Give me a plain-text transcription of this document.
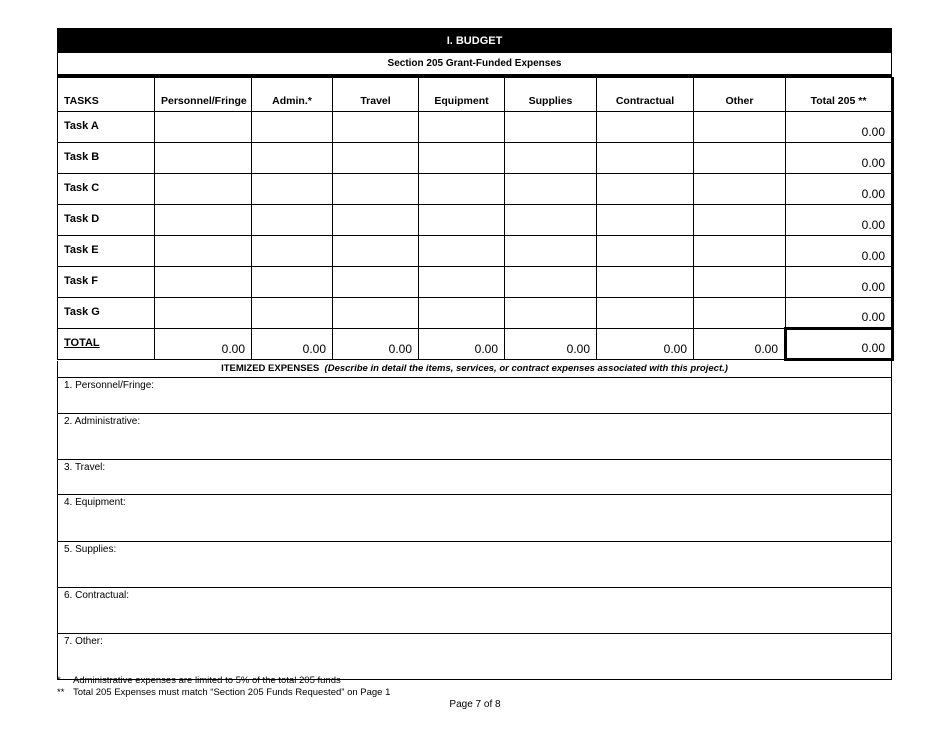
I. BUDGET
Section 205 Grant-Funded Expenses
TASKS	Personnel/Fringe	Admin.*	Travel	Equipment	Supplies	Contractual	Other	Total 205 **
Task A								0.00
Task B								0.00
Task C								0.00
Task D								0.00
Task E								0.00
Task F								0.00
Task G								0.00
TOTAL	0.00	0.00	0.00	0.00	0.00	0.00	0.00	0.00
ITEMIZED EXPENSES (Describe in detail the items, services, or contract expenses associated with this project.)
1. Personnel/Fringe:
2. Administrative:
3. Travel:
4. Equipment:
5. Supplies:
6. Contractual:
7. Other:
* Administrative expenses are limited to 5% of the total 205 funds
** Total 205 Expenses must match “Section 205 Funds Requested” on Page 1
Page 7 of 8
